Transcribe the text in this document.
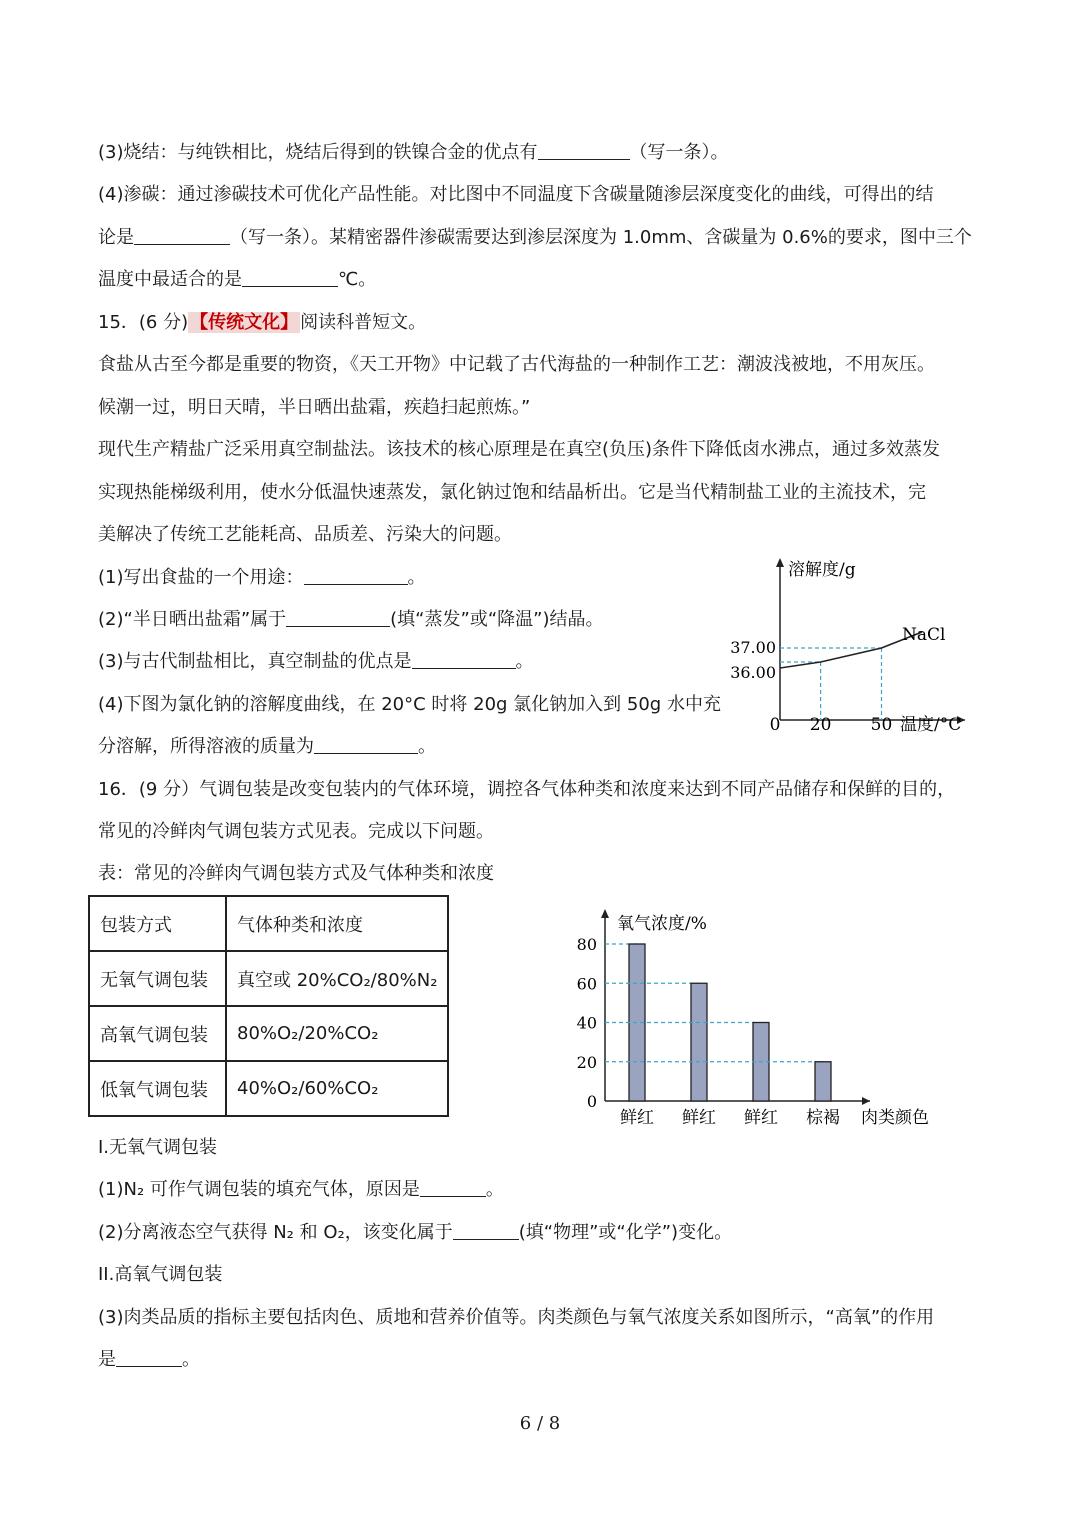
(3)烧结：与纯铁相比，烧结后得到的铁镍合金的优点有	（写一条）。
(4)渗碳：通过渗碳技术可优化产品性能。对比图中不同温度下含碳量随渗层深度变化的曲线，可得出的结
论是	（写一条）。某精密器件渗碳需要达到渗层深度为 1.0mm、含碳量为 0.6%的要求，图中三个
温度中最适合的是	℃。
15．(6 分) 【传统文化】 阅读科普短文。
食盐从古至今都是重要的物资，《天工开物》中记载了古代海盐的一种制作工艺：潮波浅被地，不用灰压。
候潮一过，明日天晴，半日晒出盐霜，疾趋扫起煎炼。”
现代生产精盐广泛采用真空制盐法。该技术的核心原理是在真空(负压)条件下降低卤水沸点，通过多效蒸发
实现热能梯级利用，使水分低温快速蒸发，氯化钠过饱和结晶析出。它是当代精制盐工业的主流技术，完
美解决了传统工艺能耗高、品质差、污染大的问题。
(1)写出食盐的一个用途：	。
(2)“半日晒出盐霜”属于	(填“蒸发”或“降温”)结晶。
(3)与古代制盐相比，真空制盐的优点是	。
(4)下图为氯化钠的溶解度曲线，在 20°C 时将 20g 氯化钠加入到 50g 水中充
分溶解，所得溶液的质量为	。
溶解度/g
温度/°C
0 20 50
37.00
36.00
NaCl
16．(9 分）气调包装是改变包装内的气体环境，调控各气体种类和浓度来达到不同产品储存和保鲜的目的，
常见的冷鲜肉气调包装方式见表。完成以下问题。
表：常见的冷鲜肉气调包装方式及气体种类和浓度
包装方式	气体种类和浓度
无氧气调包装	真空或 20%CO₂/80%N₂
高氧气调包装	80%O₂/20%CO₂
低氧气调包装	40%O₂/60%CO₂
氧气浓度/%
0
20
40
60
80
鲜红 鲜红 鲜红 棕褐 肉类颜色
I.无氧气调包装
(1)N₂ 可作气调包装的填充气体，原因是	。
(2)分离液态空气获得 N₂ 和 O₂，该变化属于	(填“物理”或“化学”)变化。
II.高氧气调包装
(3)肉类品质的指标主要包括肉色、质地和营养价值等。肉类颜色与氧气浓度关系如图所示，“高氧”的作用
是	。
6 / 8
